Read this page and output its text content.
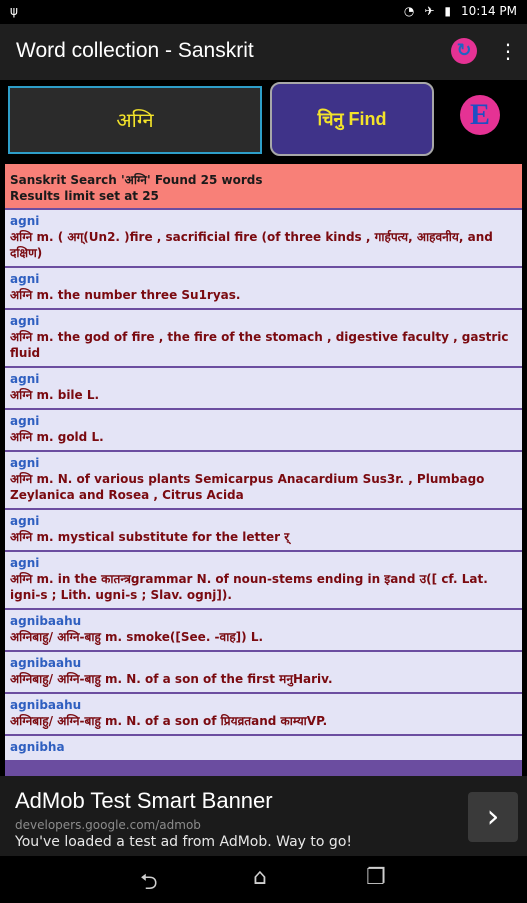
ψ	◔ ✈ ▮ 10:14 PM
Word collection - Sanskrit	↻ ⋮
अग्नि	चिनु Find	E
Sanskrit Search 'अग्नि' Found 25 words
Results limit set at 25
agni
अग्नि m. ( अग्(Un2. )fire , sacrificial fire (of three kinds , गार्हपत्य, आहवनीय, and दक्षिण)
agni
अग्नि m. the number three Su1ryas.
agni
अग्नि m. the god of fire , the fire of the stomach , digestive faculty , gastric fluid
agni
अग्नि m. bile L.
agni
अग्नि m. gold L.
agni
अग्नि m. N. of various plants Semicarpus Anacardium Sus3r. , Plumbago Zeylanica and Rosea , Citrus Acida
agni
अग्नि m. mystical substitute for the letter र्
agni
अग्नि m. in the कातन्त्रgrammar N. of noun-stems ending in इand उ([ cf. Lat. igni-s ; Lith. ugni-s ; Slav. ognj]).
agnibaahu
अग्निबाहु/ अग्नि-बाहु m. smoke([See. -वाह]) L.
agnibaahu
अग्निबाहु/ अग्नि-बाहु m. N. of a son of the first मनुHariv.
agnibaahu
अग्निबाहु/ अग्नि-बाहु m. N. of a son of प्रियव्रतand काम्याVP.
agnibha
AdMob Test Smart Banner
developers.google.com/admob
You've loaded a test ad from AdMob. Way to go!
›
⮌	⌂	❐
